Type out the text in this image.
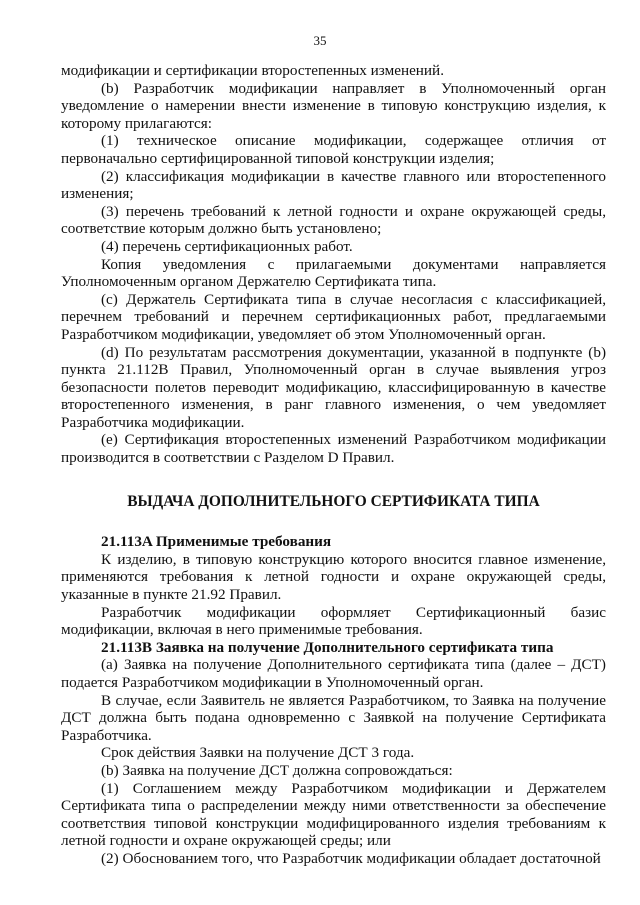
35

модификации и сертификации второстепенных изменений.

(b) Разработчик модификации направляет в Уполномоченный орган уведомление о намерении внести изменение в типовую конструкцию изделия, к которому прилагаются:

(1) техническое описание модификации, содержащее отличия от первоначально сертифицированной типовой конструкции изделия;

(2) классификация модификации в качестве главного или второстепенного изменения;

(3) перечень требований к летной годности и охране окружающей среды, соответствие которым должно быть установлено;

(4) перечень сертификационных работ.

Копия уведомления с прилагаемыми документами направляется Уполномоченным органом Держателю Сертификата типа.

(c) Держатель Сертификата типа в случае несогласия с классификацией, перечнем требований и перечнем сертификационных работ, предлагаемыми Разработчиком модификации, уведомляет об этом Уполномоченный орган.

(d) По результатам рассмотрения документации, указанной в подпункте (b) пункта 21.112B Правил, Уполномоченный орган в случае выявления угроз безопасности полетов переводит модификацию, классифицированную в качестве второстепенного изменения, в ранг главного изменения, о чем уведомляет Разработчика модификации.

(e) Сертификация второстепенных изменений Разработчиком модификации производится в соответствии с Разделом D Правил.

ВЫДАЧА ДОПОЛНИТЕЛЬНОГО СЕРТИФИКАТА ТИПА

21.113A Применимые требования

К изделию, в типовую конструкцию которого вносится главное изменение, применяются требования к летной годности и охране окружающей среды, указанные в пункте 21.92 Правил.

Разработчик модификации оформляет Сертификационный базис модификации, включая в него применимые требования.

21.113B Заявка на получение Дополнительного сертификата типа

(a) Заявка на получение Дополнительного сертификата типа (далее – ДСТ) подается Разработчиком модификации в Уполномоченный орган.

В случае, если Заявитель не является Разработчиком, то Заявка на получение ДСТ должна быть подана одновременно с Заявкой на получение Сертификата Разработчика.

Срок действия Заявки на получение ДСТ 3 года.

(b) Заявка на получение ДСТ должна сопровождаться:

(1) Соглашением между Разработчиком модификации и Держателем Сертификата типа о распределении между ними ответственности за обеспечение соответствия типовой конструкции модифицированного изделия требованиям к летной годности и охране окружающей среды; или

(2) Обоснованием того, что Разработчик модификации обладает достаточной
